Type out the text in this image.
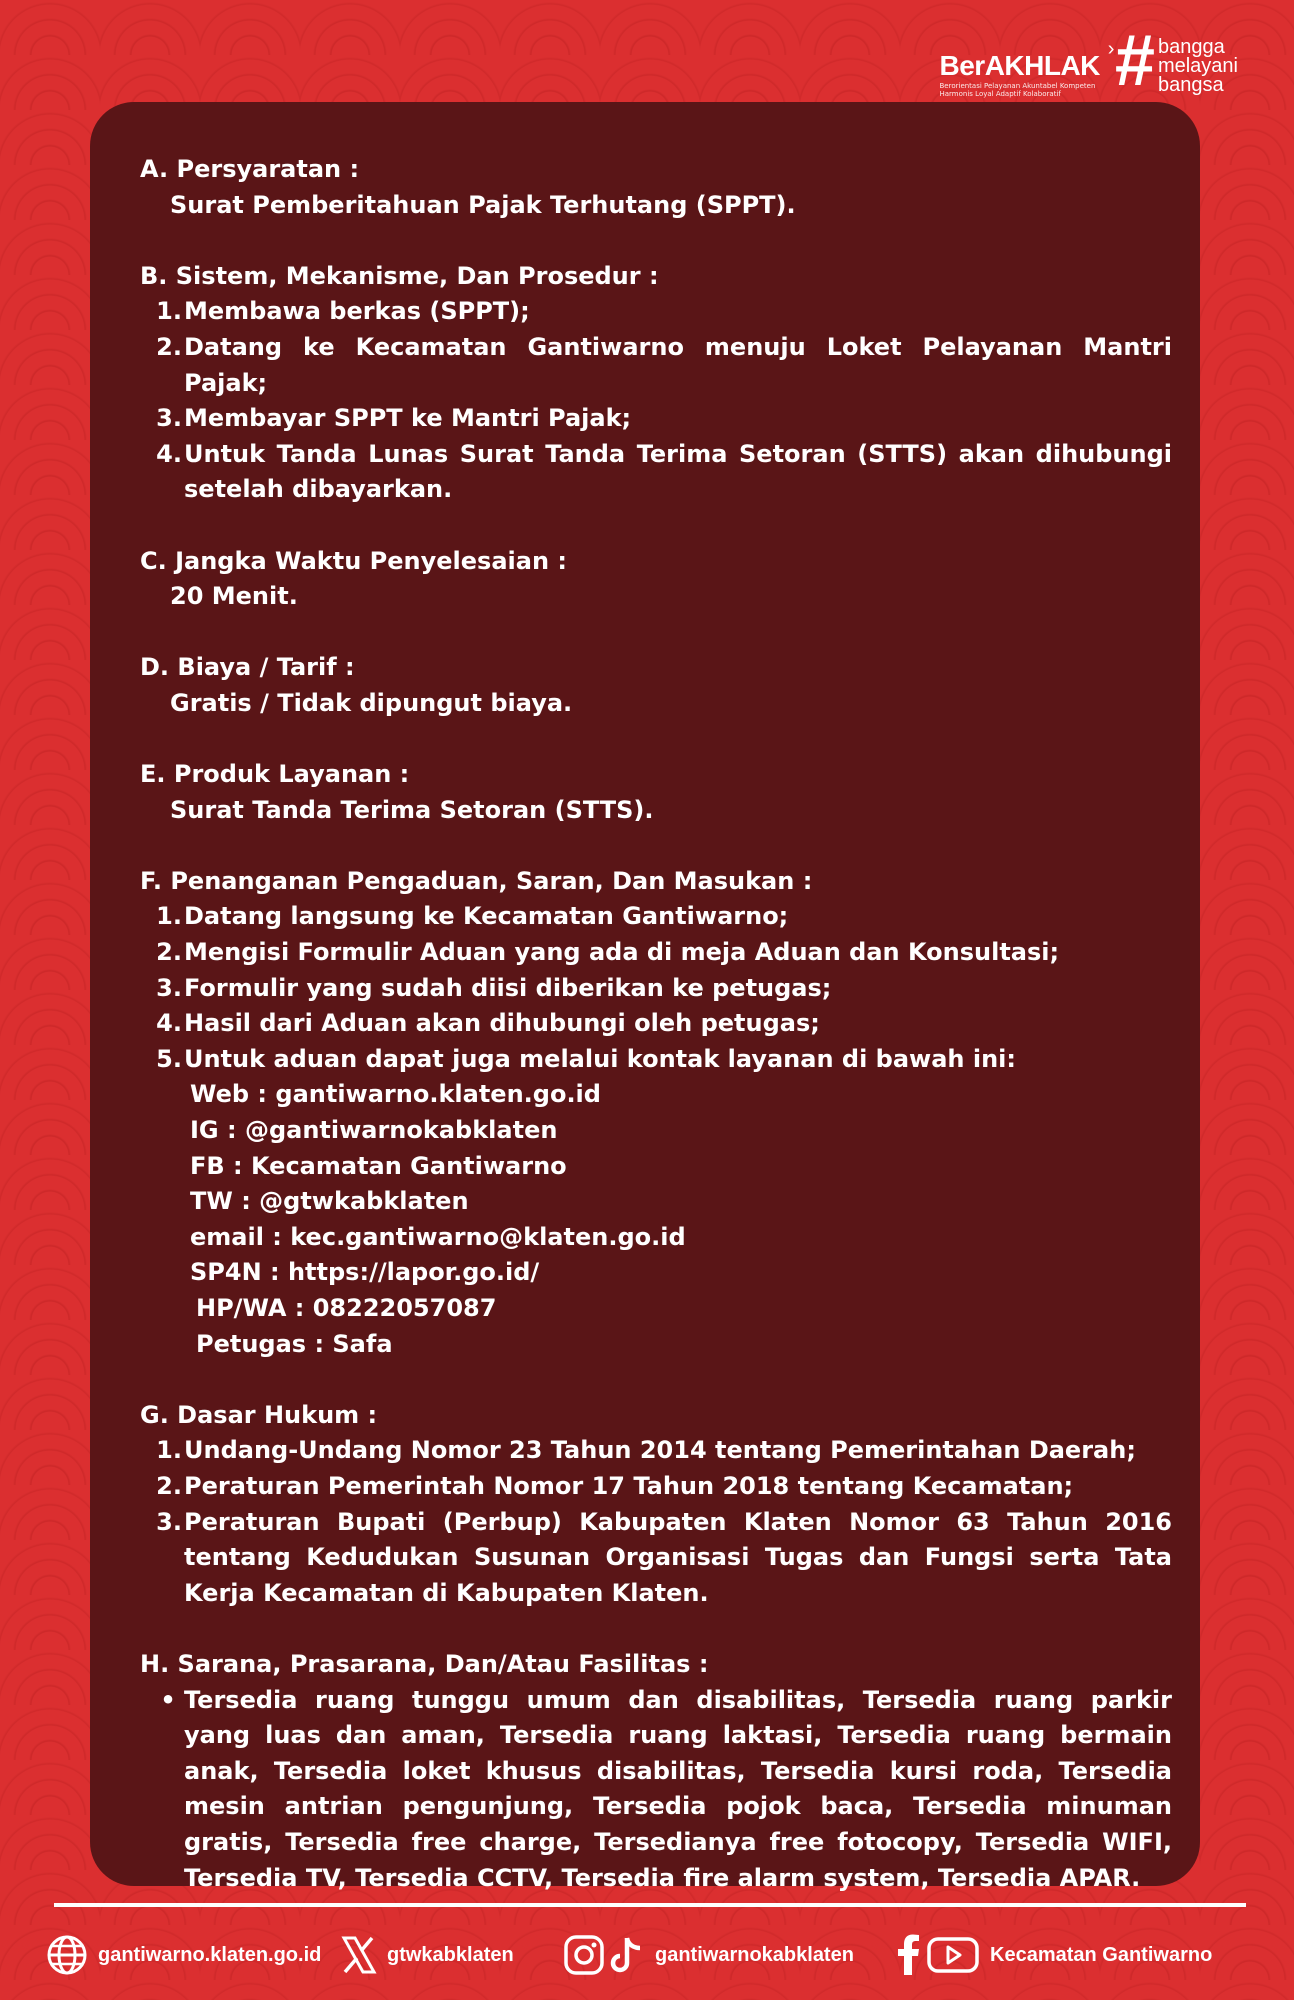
BerAKHLAK
›
Berorientasi Pelayanan Akuntabel Kompeten
Harmonis Loyal Adaptif Kolaboratif # bangga
melayani
bangsa
A. Persyaratan :
Surat Pemberitahuan Pajak Terhutang (SPPT).
B. Sistem, Mekanisme, Dan Prosedur :
1. Membawa berkas (SPPT);
2. Datang ke Kecamatan Gantiwarno menuju Loket Pelayanan Mantri Pajak;
3. Membayar SPPT ke Mantri Pajak;
4. Untuk Tanda Lunas Surat Tanda Terima Setoran (STTS) akan dihubungi setelah dibayarkan.
C. Jangka Waktu Penyelesaian :
20 Menit.
D. Biaya / Tarif :
Gratis / Tidak dipungut biaya.
E. Produk Layanan :
Surat Tanda Terima Setoran (STTS).
F. Penanganan Pengaduan, Saran, Dan Masukan :
1. Datang langsung ke Kecamatan Gantiwarno;
2. Mengisi Formulir Aduan yang ada di meja Aduan dan Konsultasi;
3. Formulir yang sudah diisi diberikan ke petugas;
4. Hasil dari Aduan akan dihubungi oleh petugas;
5. Untuk aduan dapat juga melalui kontak layanan di bawah ini:
Web : gantiwarno.klaten.go.id
IG : @gantiwarnokabklaten
FB : Kecamatan Gantiwarno
TW : @gtwkabklaten
email : kec.gantiwarno@klaten.go.id
SP4N : https://lapor.go.id/
HP/WA : 08222057087
Petugas : Safa
G. Dasar Hukum :
1. Undang-Undang Nomor 23 Tahun 2014 tentang Pemerintahan Daerah;
2. Peraturan Pemerintah Nomor 17 Tahun 2018 tentang Kecamatan;
3. Peraturan Bupati (Perbup) Kabupaten Klaten Nomor 63 Tahun 2016 tentang Kedudukan Susunan Organisasi Tugas dan Fungsi serta Tata Kerja Kecamatan di Kabupaten Klaten.
H. Sarana, Prasarana, Dan/Atau Fasilitas :
• Tersedia ruang tunggu umum dan disabilitas, Tersedia ruang parkir yang luas dan aman, Tersedia ruang laktasi, Tersedia ruang bermain anak, Tersedia loket khusus disabilitas, Tersedia kursi roda, Tersedia mesin antrian pengunjung, Tersedia pojok baca, Tersedia minuman gratis, Tersedia free charge, Tersedianya free fotocopy, Tersedia WIFI, Tersedia TV, Tersedia CCTV, Tersedia fire alarm system, Tersedia APAR.
gantiwarno.klaten.go.id	gtwkabklaten	gantiwarnokabklaten	Kecamatan Gantiwarno
